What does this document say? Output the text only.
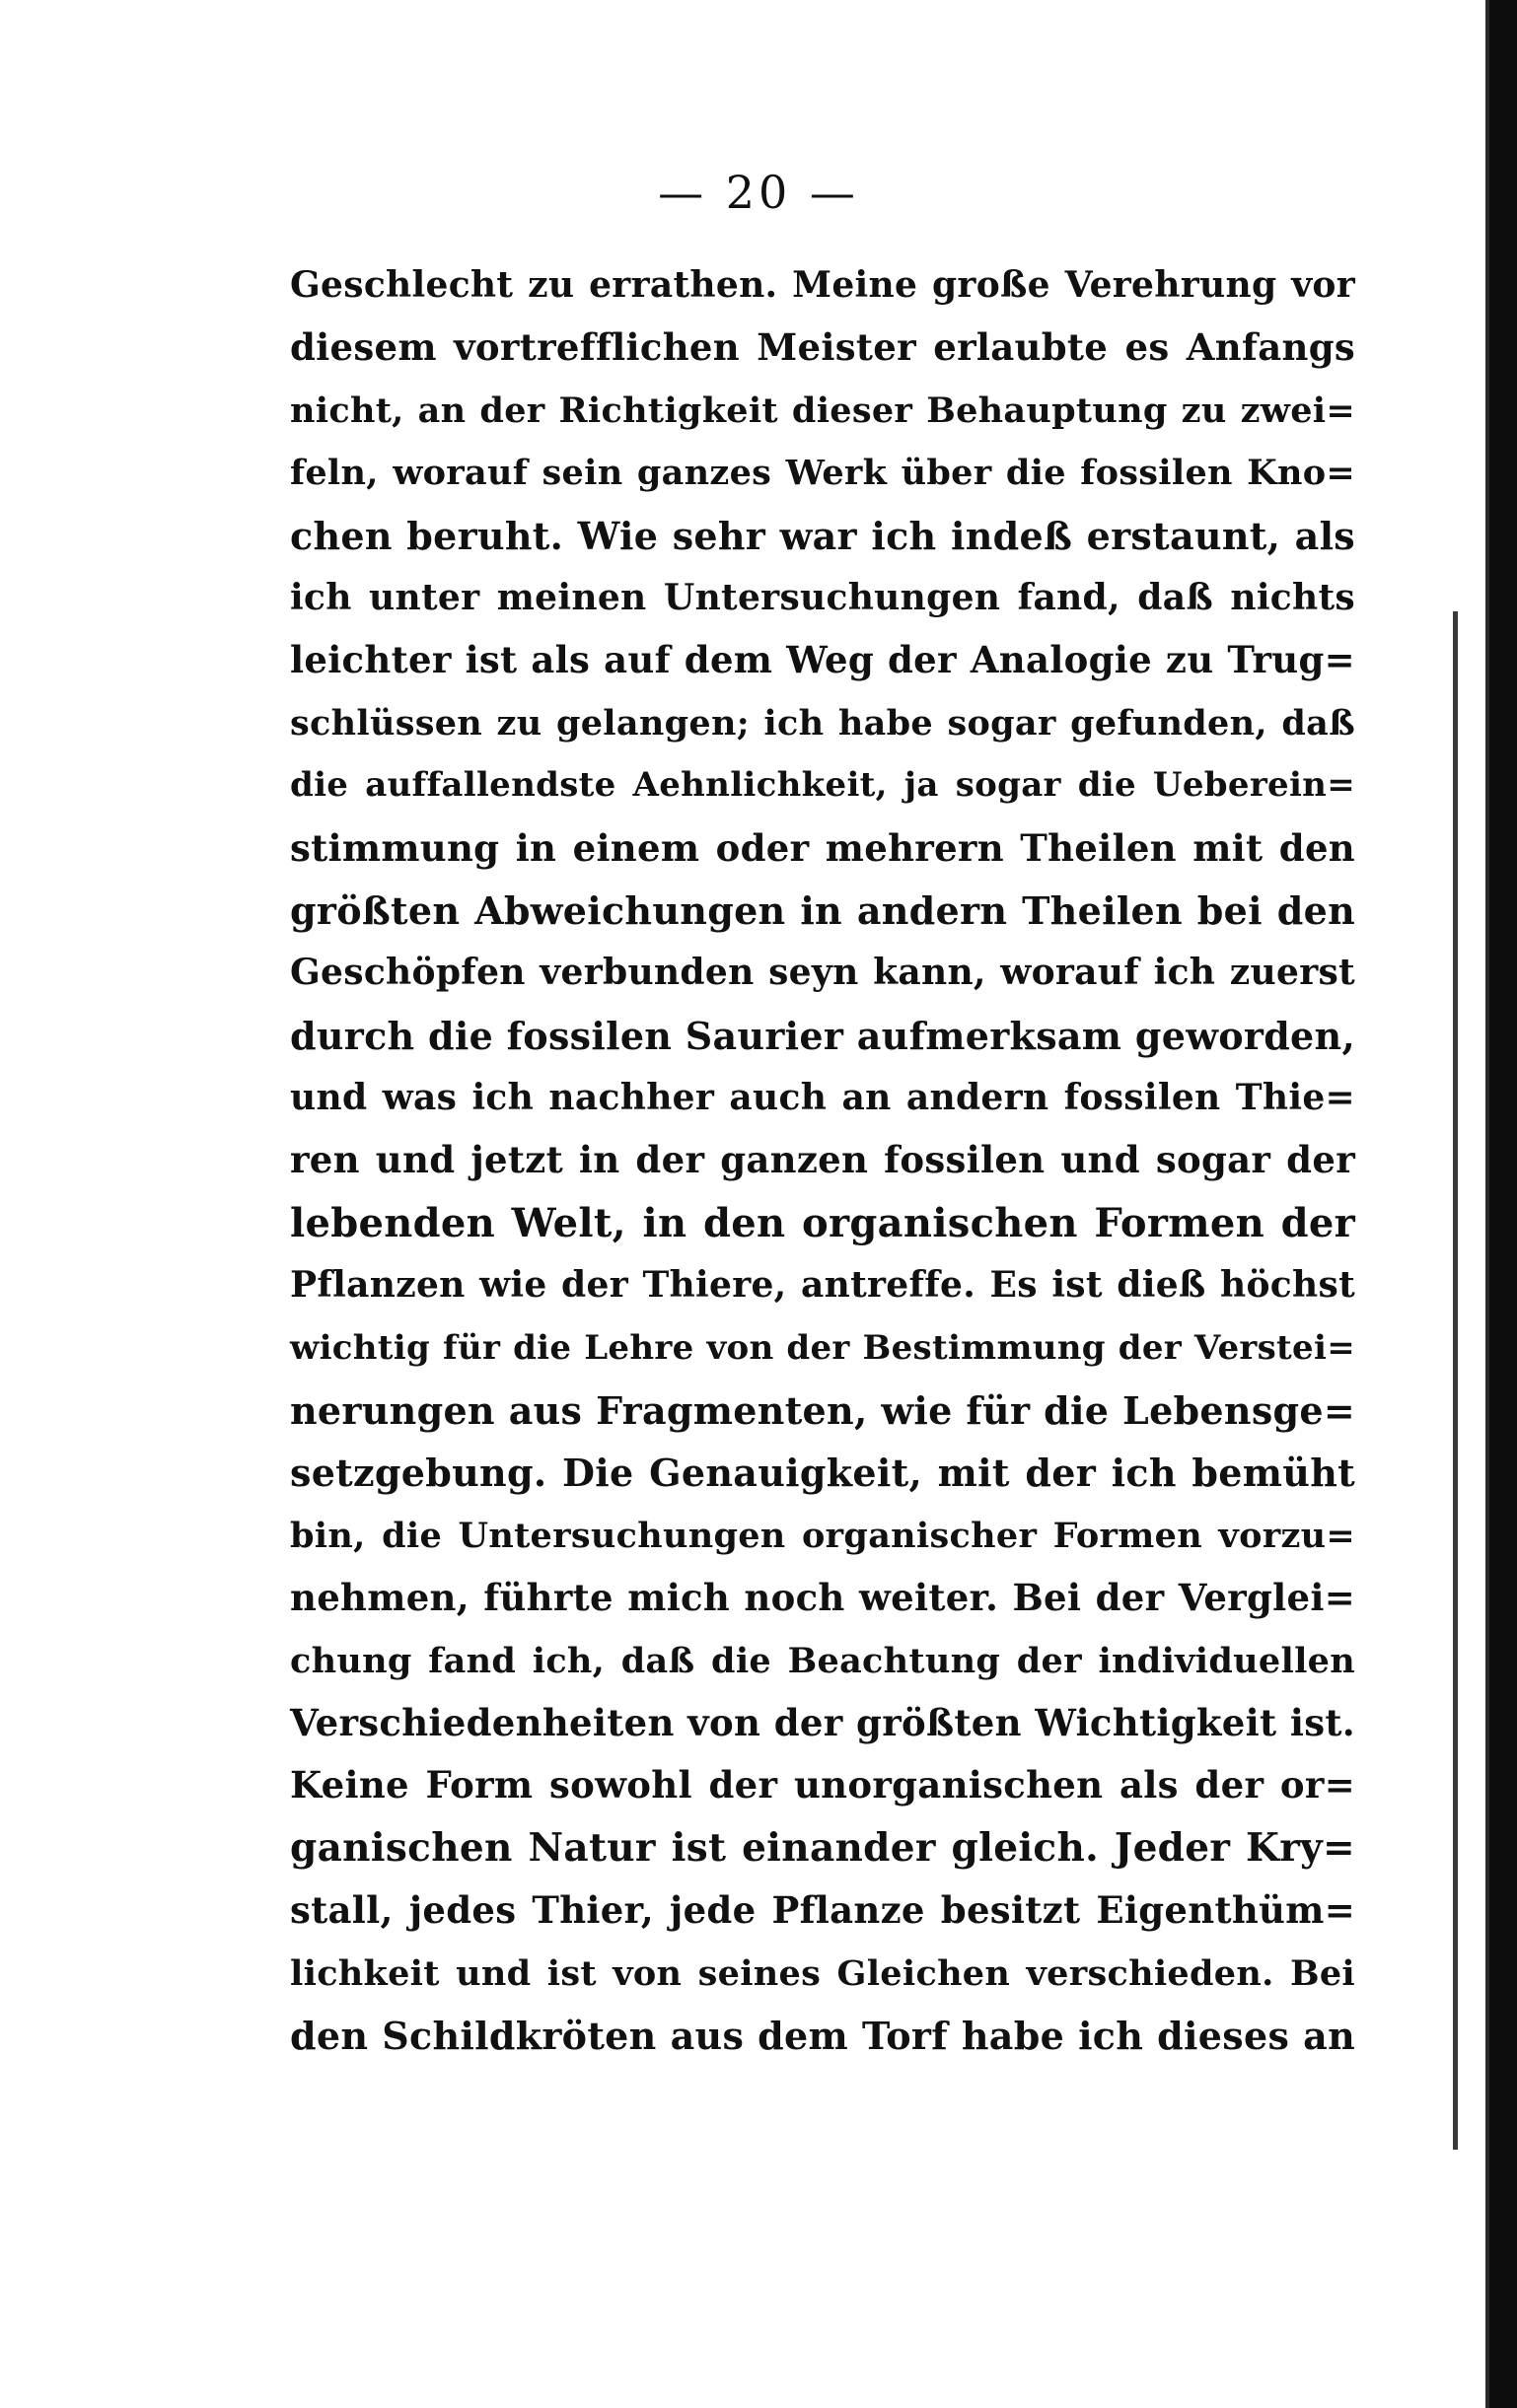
— 20 —
Geschlecht zu errathen. Meine große Verehrung vor
diesem vortrefflichen Meister erlaubte es Anfangs
nicht, an der Richtigkeit dieser Behauptung zu zwei=
feln, worauf sein ganzes Werk über die fossilen Kno=
chen beruht. Wie sehr war ich indeß erstaunt, als
ich unter meinen Untersuchungen fand, daß nichts
leichter ist als auf dem Weg der Analogie zu Trug=
schlüssen zu gelangen; ich habe sogar gefunden, daß
die auffallendste Aehnlichkeit, ja sogar die Ueberein=
stimmung in einem oder mehrern Theilen mit den
größten Abweichungen in andern Theilen bei den
Geschöpfen verbunden seyn kann, worauf ich zuerst
durch die fossilen Saurier aufmerksam geworden,
und was ich nachher auch an andern fossilen Thie=
ren und jetzt in der ganzen fossilen und sogar der
lebenden Welt, in den organischen Formen der
Pflanzen wie der Thiere, antreffe. Es ist dieß höchst
wichtig für die Lehre von der Bestimmung der Verstei=
nerungen aus Fragmenten, wie für die Lebensge=
setzgebung. Die Genauigkeit, mit der ich bemüht
bin, die Untersuchungen organischer Formen vorzu=
nehmen, führte mich noch weiter. Bei der Verglei=
chung fand ich, daß die Beachtung der individuellen
Verschiedenheiten von der größten Wichtigkeit ist.
Keine Form sowohl der unorganischen als der or=
ganischen Natur ist einander gleich. Jeder Kry=
stall, jedes Thier, jede Pflanze besitzt Eigenthüm=
lichkeit und ist von seines Gleichen verschieden. Bei
den Schildkröten aus dem Torf habe ich dieses an
